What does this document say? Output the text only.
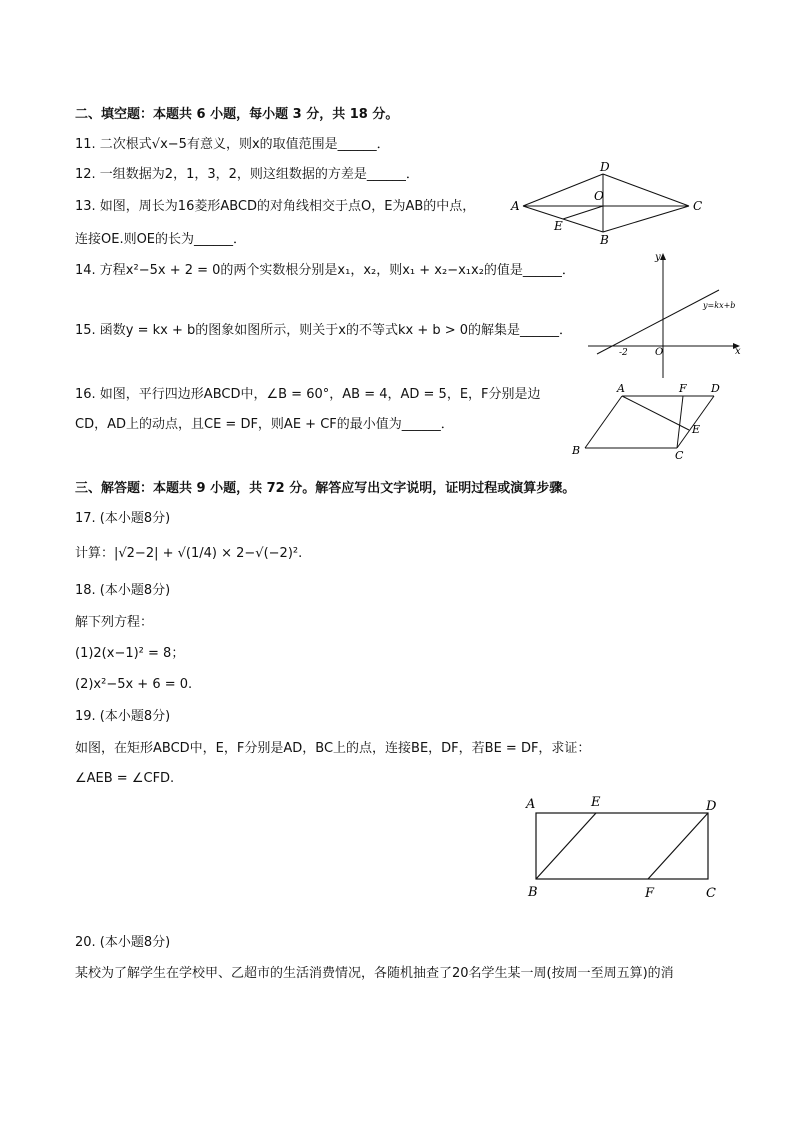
二、填空题：本题共 6 小题，每小题 3 分，共 18 分。
11. 二次根式√x−5有意义，则x的取值范围是______．
12. 一组数据为2，1，3，2，则这组数据的方差是______．
13. 如图，周长为16菱形ABCD的对角线相交于点O，E为AB的中点，
连接OE.则OE的长为______．
A
D
C
B
O
E
14. 方程x²−5x + 2 = 0的两个实数根分别是x₁，x₂，则x₁ + x₂−x₁x₂的值是______．
15. 函数y = kx + b的图象如图所示，则关于x的不等式kx + b > 0的解集是______．
y
x
O
-2
y=kx+b
16. 如图，平行四边形ABCD中，∠B = 60°，AB = 4，AD = 5，E，F分别是边
CD，AD上的动点，且CE = DF，则AE + CF的最小值为______．
A	F D
E
B	C
三、解答题：本题共 9 小题，共 72 分。解答应写出文字说明，证明过程或演算步骤。
17. (本小题8分)
计算：|√2−2| + √(1/4) × 2−√(−2)².
18. (本小题8分)
解下列方程：
(1)2(x−1)² = 8；
(2)x²−5x + 6 = 0.
19. (本小题8分)
如图，在矩形ABCD中，E，F分别是AD，BC上的点，连接BE，DF，若BE = DF，求证：
∠AEB = ∠CFD.
A	E	D
B	F	C
20. (本小题8分)
某校为了解学生在学校甲、乙超市的生活消费情况，各随机抽查了20名学生某一周(按周一至周五算)的消
